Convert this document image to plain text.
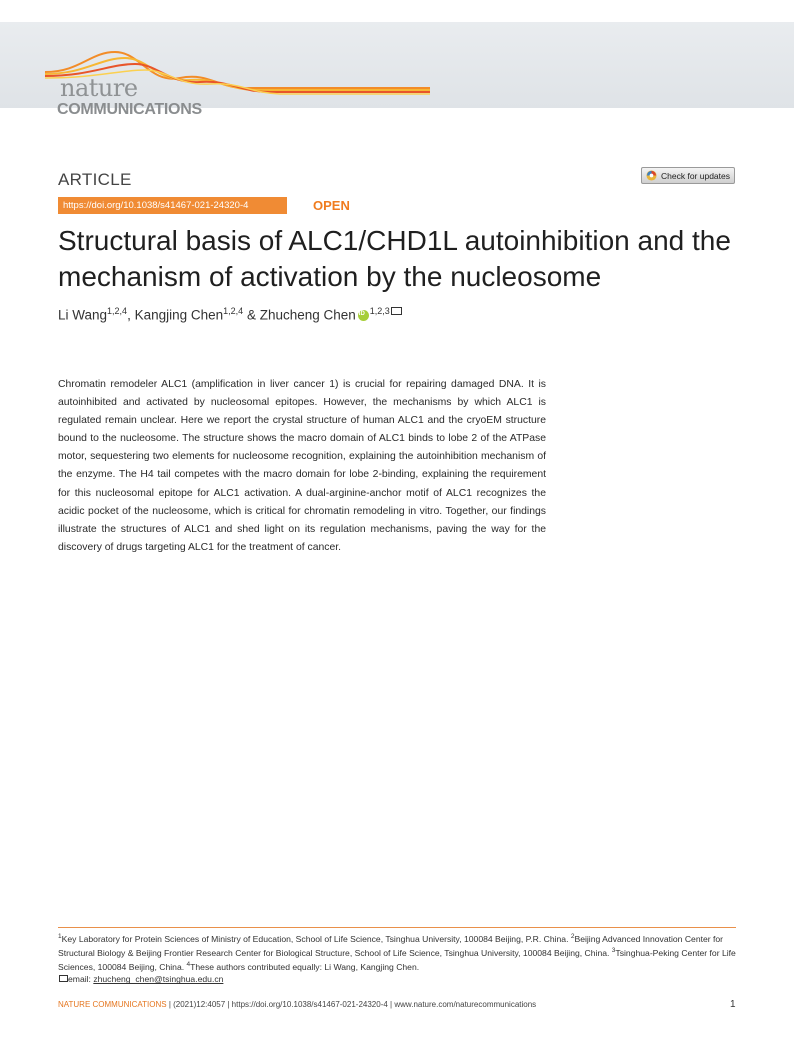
nature
COMMUNICATIONS
ARTICLE	Check for updates
https://doi.org/10.1038/s41467-021-24320-4	OPEN
Structural basis of ALC1/CHD1L autoinhibition and the mechanism of activation by the nucleosome
Li Wang$^{1,2,4}$, Kangjing Chen$^{1,2,4}$ & Zhucheng CheniD $^{1,2,3}$

Chromatin remodeler ALC1 (amplification in liver cancer 1) is crucial for repairing damaged DNA. It is autoinhibited and activated by nucleosomal epitopes. However, the mechanisms by which ALC1 is regulated remain unclear. Here we report the crystal structure of human ALC1 and the cryoEM structure bound to the nucleosome. The structure shows the macro domain of ALC1 binds to lobe 2 of the ATPase motor, sequestering two elements for nucleosome recognition, explaining the autoinhibition mechanism of the enzyme. The H4 tail competes with the macro domain for lobe 2-binding, explaining the requirement for this nucleosomal epitope for ALC1 activation. A dual-arginine-anchor motif of ALC1 recognizes the acidic pocket of the nucleosome, which is critical for chromatin remodeling in vitro. Together, our findings illustrate the structures of ALC1 and shed light on its regulation mechanisms, paving the way for the discovery of drugs targeting ALC1 for the treatment of cancer.

$^1$Key Laboratory for Protein Sciences of Ministry of Education, School of Life Science, Tsinghua University, 100084 Beijing, P.R. China. $^2$Beijing Advanced Innovation Center for Structural Biology & Beijing Frontier Research Center for Biological Structure, School of Life Science, Tsinghua University, 100084 Beijing, China. $^3$Tsinghua-Peking Center for Life Sciences, 100084 Beijing, China. $^4$These authors contributed equally: Li Wang, Kangjing Chen.
email: zhucheng_chen@tsinghua.edu.cn
NATURE COMMUNICATIONS | (2021)12:4057 | https://doi.org/10.1038/s41467-021-24320-4 | www.nature.com/naturecommunications	1
